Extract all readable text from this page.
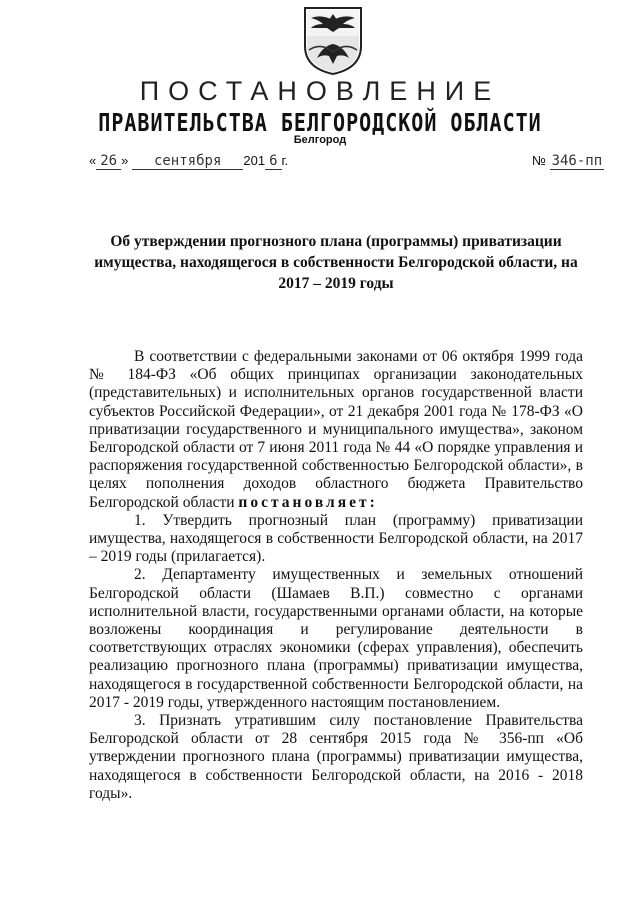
ПОСТАНОВЛЕНИЕ
ПРАВИТЕЛЬСТВА БЕЛГОРОДСКОЙ ОБЛАСТИ
Белгород
« 26 » сентября 201 6 г.	№ 346-пп
Об утверждении прогнозного плана (программы) приватизации имущества, находящегося в собственности Белгородской области, на 2017 – 2019 годы

В соответствии с федеральными законами от 06 октября 1999 года № 184-ФЗ «Об общих принципах организации законодательных (представительных) и исполнительных органов государственной власти субъектов Российской Федерации», от 21 декабря 2001 года № 178-ФЗ «О приватизации государственного и муниципального имущества», законом Белгородской области от 7 июня 2011 года № 44 «О порядке управления и распоряжения государственной собственностью Белгородской области», в целях пополнения доходов областного бюджета Правительство Белгородской области постановляет:

1. Утвердить прогнозный план (программу) приватизации имущества, находящегося в собственности Белгородской области, на 2017 – 2019 годы (прилагается).

2. Департаменту имущественных и земельных отношений Белгородской области (Шамаев В.П.) совместно с органами исполнительной власти, государственными органами области, на которые возложены координация и регулирование деятельности в соответствующих отраслях экономики (сферах управления), обеспечить реализацию прогнозного плана (программы) приватизации имущества, находящегося в государственной собственности Белгородской области, на 2017 - 2019 годы, утвержденного настоящим постановлением.

3. Признать утратившим силу постановление Правительства Белгородской области от 28 сентября 2015 года № 356-пп «Об утверждении прогнозного плана (программы) приватизации имущества, находящегося в собственности Белгородской области, на 2016 - 2018 годы».
